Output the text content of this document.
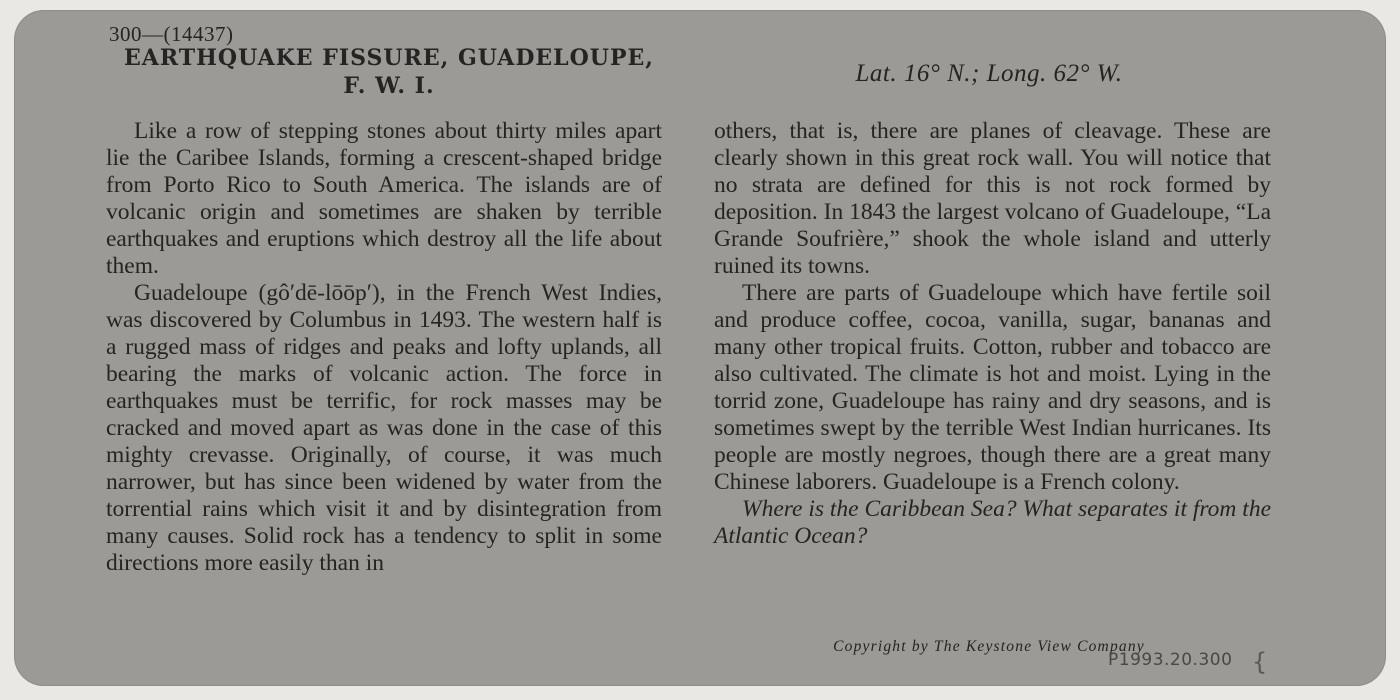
300—(14437)
EARTHQUAKE FISSURE, GUADELOUPE, F. W. I.	Lat. 16° N.; Long. 62° W.

Like a row of stepping stones about thirty miles apart lie the Caribee Islands, forming a crescent-shaped bridge from Porto Rico to South America. The islands are of volcanic origin and sometimes are shaken by terrible earthquakes and eruptions which destroy all the life about them.

Guadeloupe (gô′dē-lōōp′), in the French West Indies, was discovered by Columbus in 1493. The western half is a rugged mass of ridges and peaks and lofty uplands, all bearing the marks of volcanic action. The force in earthquakes must be terrific, for rock masses may be cracked and moved apart as was done in the case of this mighty crevasse. Originally, of course, it was much narrower, but has since been widened by water from the torrential rains which visit it and by disintegration from many causes. Solid rock has a tendency to split in some directions more easily than in

others, that is, there are planes of cleavage. These are clearly shown in this great rock wall. You will notice that no strata are defined for this is not rock formed by deposition. In 1843 the largest volcano of Guadeloupe, “La Grande Soufrière,” shook the whole island and utterly ruined its towns.

There are parts of Guadeloupe which have fertile soil and produce coffee, cocoa, vanilla, sugar, bananas and many other tropical fruits. Cotton, rubber and tobacco are also cultivated. The climate is hot and moist. Lying in the torrid zone, Guadeloupe has rainy and dry seasons, and is sometimes swept by the terrible West Indian hurricanes. Its people are mostly negroes, though there are a great many Chinese laborers. Guadeloupe is a French colony.

Where is the Caribbean Sea? What separates it from the Atlantic Ocean?

Copyright by The Keystone View Company
P1993.20.300 {
